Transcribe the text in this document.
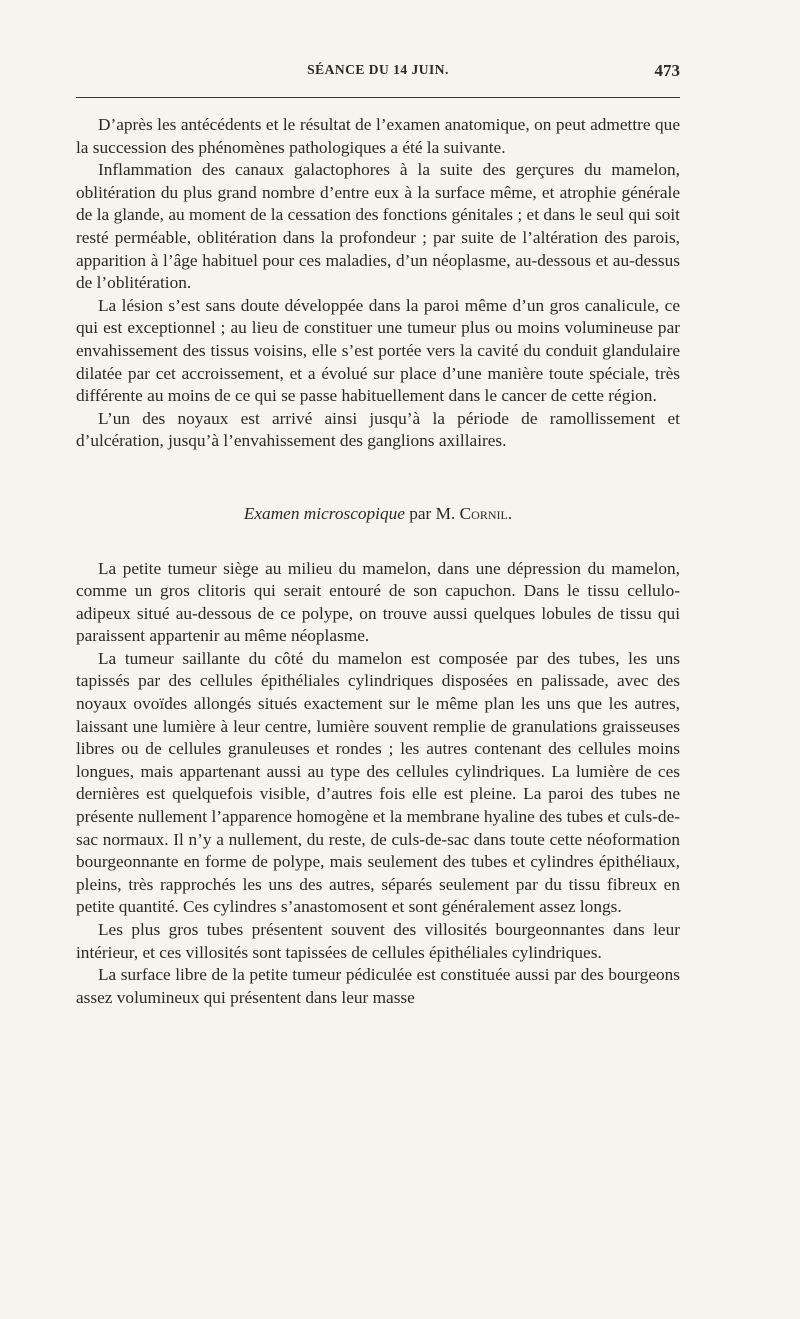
SÉANCE DU 14 JUIN.	473

D’après les antécédents et le résultat de l’examen anatomique, on peut admettre que la succession des phénomènes pathologiques a été la suivante.

Inflammation des canaux galactophores à la suite des gerçures du mamelon, oblitération du plus grand nombre d’entre eux à la surface même, et atrophie générale de la glande, au moment de la cessation des fonctions génitales ; et dans le seul qui soit resté perméable, oblitération dans la profondeur ; par suite de l’altération des parois, apparition à l’âge habituel pour ces maladies, d’un néoplasme, au-dessous et au-dessus de l’oblitération.

La lésion s’est sans doute développée dans la paroi même d’un gros canalicule, ce qui est exceptionnel ; au lieu de constituer une tumeur plus ou moins volumineuse par envahissement des tissus voisins, elle s’est portée vers la cavité du conduit glandulaire dilatée par cet accroissement, et a évolué sur place d’une manière toute spéciale, très différente au moins de ce qui se passe habituellement dans le cancer de cette région.

L’un des noyaux est arrivé ainsi jusqu’à la période de ramollissement et d’ulcération, jusqu’à l’envahissement des ganglions axillaires.

Examen microscopique par M. Cornil.

La petite tumeur siège au milieu du mamelon, dans une dépression du mamelon, comme un gros clitoris qui serait entouré de son capuchon. Dans le tissu cellulo-adipeux situé au-dessous de ce polype, on trouve aussi quelques lobules de tissu qui paraissent appartenir au même néoplasme.

La tumeur saillante du côté du mamelon est composée par des tubes, les uns tapissés par des cellules épithéliales cylindriques disposées en palissade, avec des noyaux ovoïdes allongés situés exactement sur le même plan les uns que les autres, laissant une lumière à leur centre, lumière souvent remplie de granulations graisseuses libres ou de cellules granuleuses et rondes ; les autres contenant des cellules moins longues, mais appartenant aussi au type des cellules cylindriques. La lumière de ces dernières est quelquefois visible, d’autres fois elle est pleine. La paroi des tubes ne présente nullement l’apparence homogène et la membrane hyaline des tubes et culs-de-sac normaux. Il n’y a nullement, du reste, de culs-de-sac dans toute cette néoformation bourgeonnante en forme de polype, mais seulement des tubes et cylindres épithéliaux, pleins, très rapprochés les uns des autres, séparés seulement par du tissu fibreux en petite quantité. Ces cylindres s’anastomosent et sont généralement assez longs.

Les plus gros tubes présentent souvent des villosités bourgeonnantes dans leur intérieur, et ces villosités sont tapissées de cellules épithéliales cylindriques.

La surface libre de la petite tumeur pédiculée est constituée aussi par des bourgeons assez volumineux qui présentent dans leur masse
